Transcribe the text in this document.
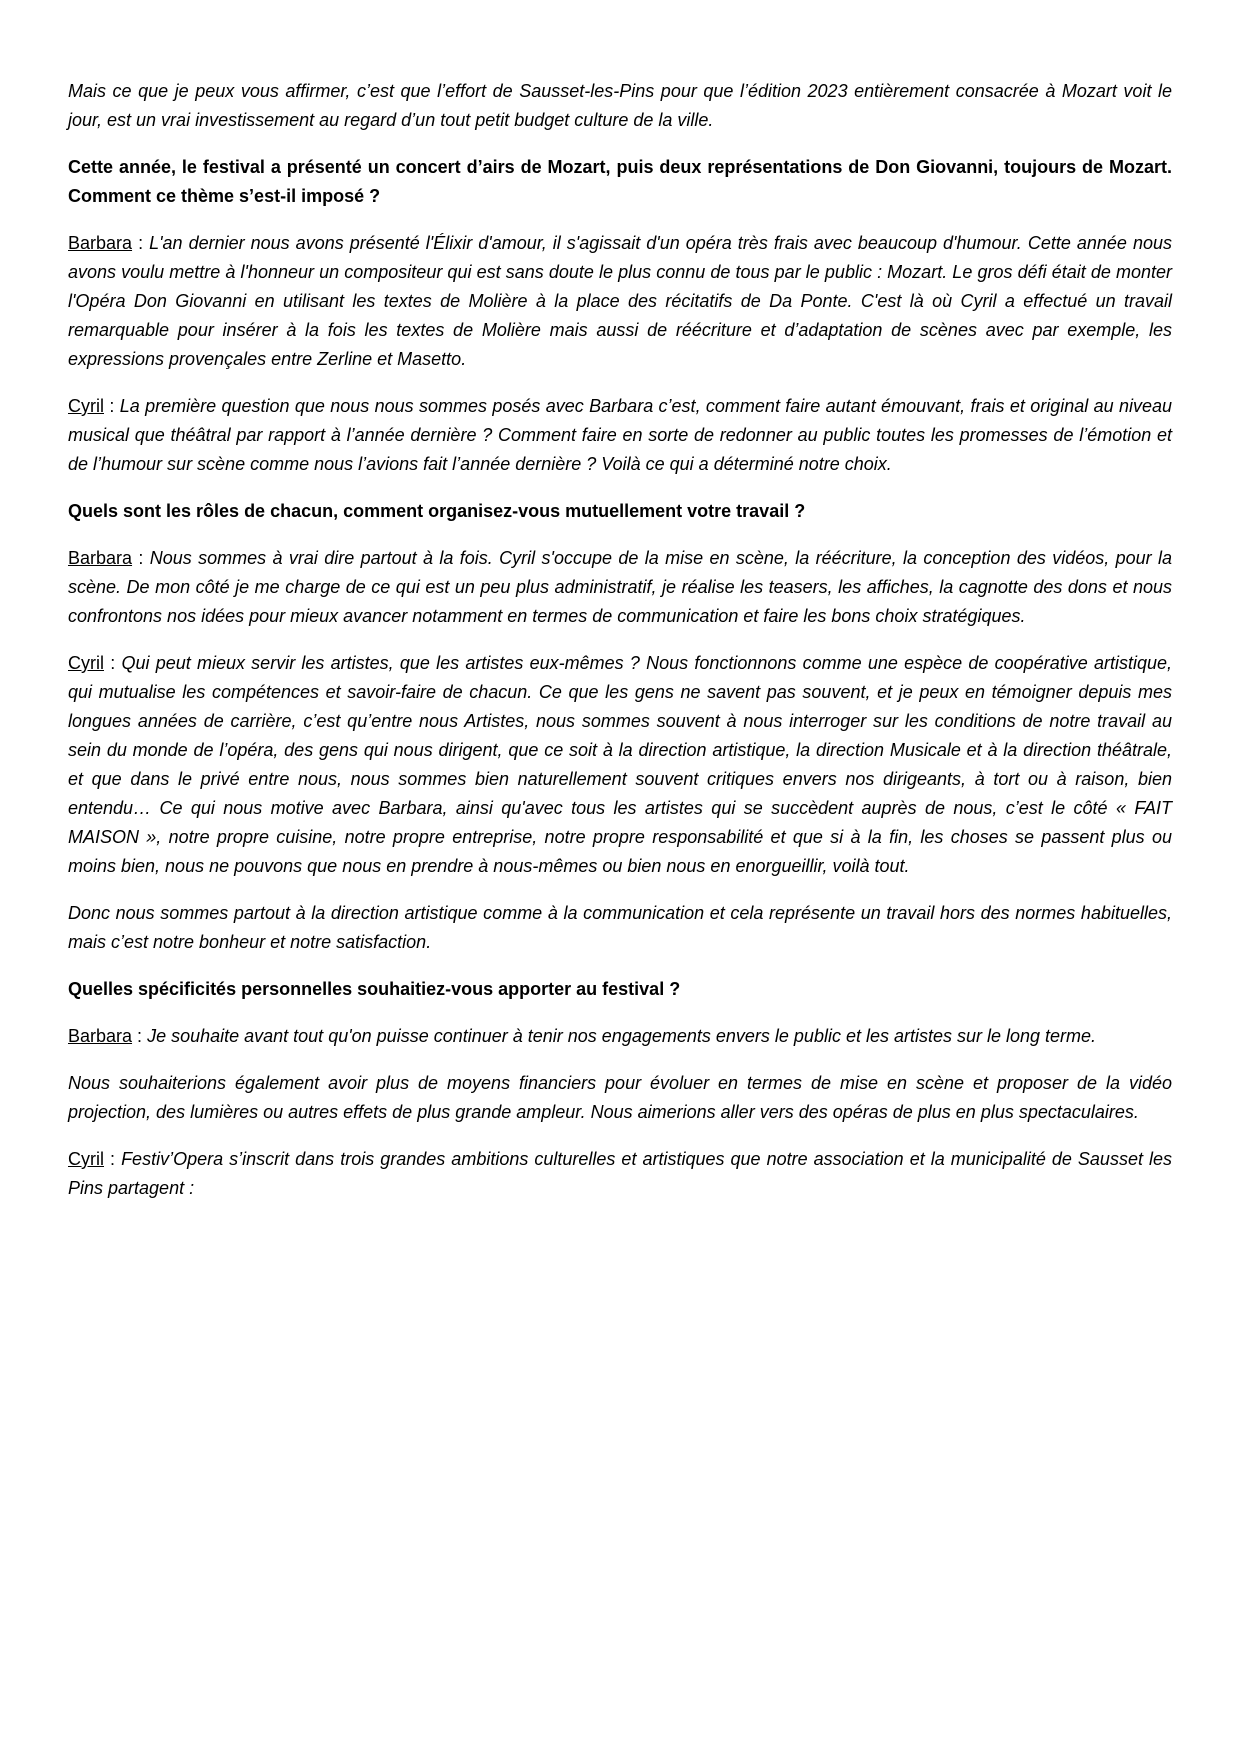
Mais ce que je peux vous affirmer, c’est que l’effort de Sausset-les-Pins pour que l’édition 2023 entièrement consacrée à Mozart voit le jour, est un vrai investissement au regard d’un tout petit budget culture de la ville.

Cette année, le festival a présenté un concert d’airs de Mozart, puis deux représentations de Don Giovanni, toujours de Mozart. Comment ce thème s’est-il imposé ?

Barbara : L'an dernier nous avons présenté l'Élixir d'amour, il s'agissait d'un opéra très frais avec beaucoup d'humour. Cette année nous avons voulu mettre à l'honneur un compositeur qui est sans doute le plus connu de tous par le public : Mozart. Le gros défi était de monter l'Opéra Don Giovanni en utilisant les textes de Molière à la place des récitatifs de Da Ponte. C'est là où Cyril a effectué un travail remarquable pour insérer à la fois les textes de Molière mais aussi de réécriture et d’adaptation de scènes avec par exemple, les expressions provençales entre Zerline et Masetto.

Cyril : La première question que nous nous sommes posés avec Barbara c’est, comment faire autant émouvant, frais et original au niveau musical que théâtral par rapport à l’année dernière ? Comment faire en sorte de redonner au public toutes les promesses de l’émotion et de l’humour sur scène comme nous l’avions fait l’année dernière ? Voilà ce qui a déterminé notre choix.

Quels sont les rôles de chacun, comment organisez-vous mutuellement votre travail ?

Barbara : Nous sommes à vrai dire partout à la fois. Cyril s'occupe de la mise en scène, la réécriture, la conception des vidéos, pour la scène. De mon côté je me charge de ce qui est un peu plus administratif, je réalise les teasers, les affiches, la cagnotte des dons et nous confrontons nos idées pour mieux avancer notamment en termes de communication et faire les bons choix stratégiques.

Cyril : Qui peut mieux servir les artistes, que les artistes eux-mêmes ? Nous fonctionnons comme une espèce de coopérative artistique, qui mutualise les compétences et savoir-faire de chacun. Ce que les gens ne savent pas souvent, et je peux en témoigner depuis mes longues années de carrière, c’est qu’entre nous Artistes, nous sommes souvent à nous interroger sur les conditions de notre travail au sein du monde de l’opéra, des gens qui nous dirigent, que ce soit à la direction artistique, la direction Musicale et à la direction théâtrale, et que dans le privé entre nous, nous sommes bien naturellement souvent critiques envers nos dirigeants, à tort ou à raison, bien entendu… Ce qui nous motive avec Barbara, ainsi qu'avec tous les artistes qui se succèdent auprès de nous, c’est le côté « FAIT MAISON », notre propre cuisine, notre propre entreprise, notre propre responsabilité et que si à la fin, les choses se passent plus ou moins bien, nous ne pouvons que nous en prendre à nous-mêmes ou bien nous en enorgueillir, voilà tout.

Donc nous sommes partout à la direction artistique comme à la communication et cela représente un travail hors des normes habituelles, mais c’est notre bonheur et notre satisfaction.

Quelles spécificités personnelles souhaitiez-vous apporter au festival ?

Barbara : Je souhaite avant tout qu'on puisse continuer à tenir nos engagements envers le public et les artistes sur le long terme.

Nous souhaiterions également avoir plus de moyens financiers pour évoluer en termes de mise en scène et proposer de la vidéo projection, des lumières ou autres effets de plus grande ampleur. Nous aimerions aller vers des opéras de plus en plus spectaculaires.

Cyril : Festiv’Opera s’inscrit dans trois grandes ambitions culturelles et artistiques que notre association et la municipalité de Sausset les Pins partagent :
